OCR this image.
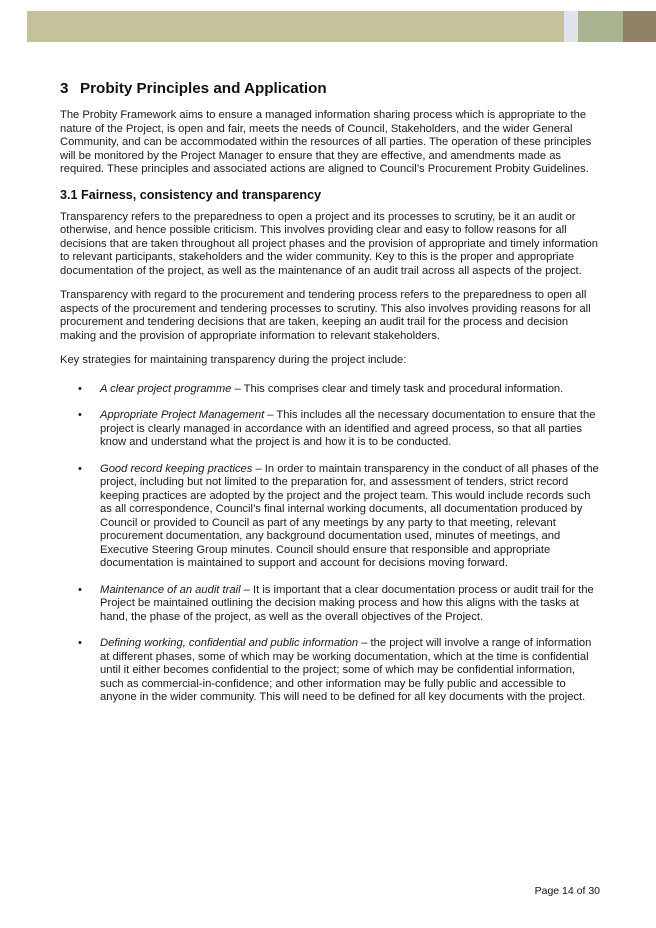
3 Probity Principles and Application

The Probity Framework aims to ensure a managed information sharing process which is appropriate to the nature of the Project, is open and fair, meets the needs of Council, Stakeholders, and the wider General Community, and can be accommodated within the resources of all parties. The operation of these principles will be monitored by the Project Manager to ensure that they are effective, and amendments made as required. These principles and associated actions are aligned to Council’s Procurement Probity Guidelines.

3.1 Fairness, consistency and transparency

Transparency refers to the preparedness to open a project and its processes to scrutiny, be it an audit or otherwise, and hence possible criticism. This involves providing clear and easy to follow reasons for all decisions that are taken throughout all project phases and the provision of appropriate and timely information to relevant participants, stakeholders and the wider community. Key to this is the proper and appropriate documentation of the project, as well as the maintenance of an audit trail across all aspects of the project.

Transparency with regard to the procurement and tendering process refers to the preparedness to open all aspects of the procurement and tendering processes to scrutiny. This also involves providing reasons for all procurement and tendering decisions that are taken, keeping an audit trail for the process and decision making and the provision of appropriate information to relevant stakeholders.

Key strategies for maintaining transparency during the project include:

• A clear project programme – This comprises clear and timely task and procedural information.
• Appropriate Project Management – This includes all the necessary documentation to ensure that the project is clearly managed in accordance with an identified and agreed process, so that all parties know and understand what the project is and how it is to be conducted.
• Good record keeping practices – In order to maintain transparency in the conduct of all phases of the project, including but not limited to the preparation for, and assessment of tenders, strict record keeping practices are adopted by the project and the project team. This would include records such as all correspondence, Council’s final internal working documents, all documentation produced by Council or provided to Council as part of any meetings by any party to that meeting, relevant procurement documentation, any background documentation used, minutes of meetings, and Executive Steering Group minutes. Council should ensure that responsible and appropriate documentation is maintained to support and account for decisions moving forward.
• Maintenance of an audit trail – It is important that a clear documentation process or audit trail for the Project be maintained outlining the decision making process and how this aligns with the tasks at hand, the phase of the project, as well as the overall objectives of the Project.
• Defining working, confidential and public information – the project will involve a range of information at different phases, some of which may be working documentation, which at the time is confidential until it either becomes confidential to the project; some of which may be confidential information, such as commercial-in-confidence; and other information may be fully public and accessible to anyone in the wider community. This will need to be defined for all key documents with the project.
Page 14 of 30
